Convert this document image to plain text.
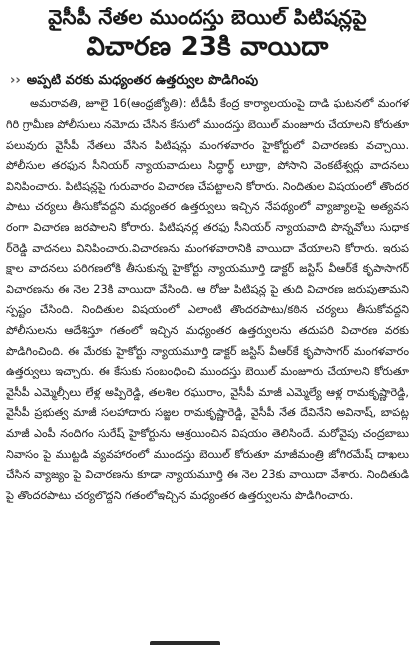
వైసీపీ నేతల ముందస్తు బెయిల్ పిటిషన్లపై
విచారణ 23కి వాయిదా
›› అప్పటి వరకు మధ్యంతర ఉత్తర్వుల పొడిగింపు

అమరావతి, జూలై 16(ఆంధ్రజ్యోతి): టీడీపీ కేంద్ర కార్యాలయంపై దాడి ఘటనలో మంగళగిరి గ్రామీణ పోలీసులు నమోదు చేసిన కేసులో ముందస్తు బెయిల్ మంజూరు చేయాలని కోరుతూ పలువురు వైసీపీ నేతలు వేసిన పిటిషన్లు మంగళవారం హైకోర్టులో విచారణకు వచ్చాయి. పోలీసుల తరఫున సీనియర్ న్యాయవాదులు సిద్ధార్థ్ లూథ్రా, పోసాని వెంకటేశ్వర్లు వాదనలు వినిపించారు. పిటిషన్లపై గురువారం విచారణ చేపట్టాలని కోరారు. నిందితుల విషయంలో తొందరపాటు చర్యలు తీసుకోవద్దని మధ్యంతర ఉత్తర్వులు ఇచ్చిన నేపథ్యంలో వ్యాజ్యాలపై అత్యవసరంగా విచారణ జరపాలని కోరారు. పిటిషనర్ల తరఫు సీనియర్ న్యాయవాది పొన్నవోలు సుధాకర్‌రెడ్డి వాదనలు వినిపించారు.విచారణను మంగళవారానికి వాయిదా వేయాలని కోరారు. ఇరుపక్షాల వాదనలు పరిగణలోకి తీసుకున్న హైకోర్టు న్యాయమూర్తి డాక్టర్ జస్టిస్ వీఆర్‌కే కృపాసాగర్ విచారణను ఈ నెల 23కి వాయిదా వేసింది. ఆ రోజు పిటిషన్ల పై తుది విచారణ జరుపుతామని స్పష్టం చేసింది. నిందితుల విషయంలో ఎలాంటి తొందరపాటు/కఠిన చర్యలు తీసుకోవద్దని పోలీసులను ఆదేశిస్తూ గతంలో ఇచ్చిన మధ్యంతర ఉత్తర్వులను తదుపరి విచారణ వరకు పొడిగించింది. ఈ మేరకు హైకోర్టు న్యాయమూర్తి డాక్టర్ జస్టిస్ వీఆర్‌కే కృపాసాగర్ మంగళవారం ఉత్తర్వులు ఇచ్చారు. ఈ కేసుకు సంబంధించి ముందస్తు బెయిల్ మంజూరు చేయాలని కోరుతూ వైసీపీ ఎమ్మెల్సీలు లేళ్ల అప్పిరెడ్డి, తలశిల రఘురాం, వైసీపీ మాజీ ఎమ్మెల్యే ఆళ్ల రామకృష్ణారెడ్డి, వైసీపీ ప్రభుత్వ మాజీ సలహాదారు సజ్జల రామకృష్ణారెడ్డి, వైసీపీ నేత దేవినేని అవినాష్, బాపట్ల మాజీ ఎంపీ నందిగం సురేష్ హైకోర్టును ఆశ్రయించిన విషయం తెలిసిందే. మరోవైపు చంద్రబాబు నివాసం పై ముట్టడి వ్యవహారంలో ముందస్తు బెయిల్ కోరుతూ మాజీమంత్రి జోగిరమేష్ దాఖలు చేసిన వ్యాజ్యం పై విచారణను కూడా న్యాయమూర్తి ఈ నెల 23కు వాయిదా వేశారు. నిందితుడి పై తొందరపాటు చర్యలొద్దని గతంలోఇచ్చిన మధ్యంతర ఉత్తర్వులను పొడిగించారు.
